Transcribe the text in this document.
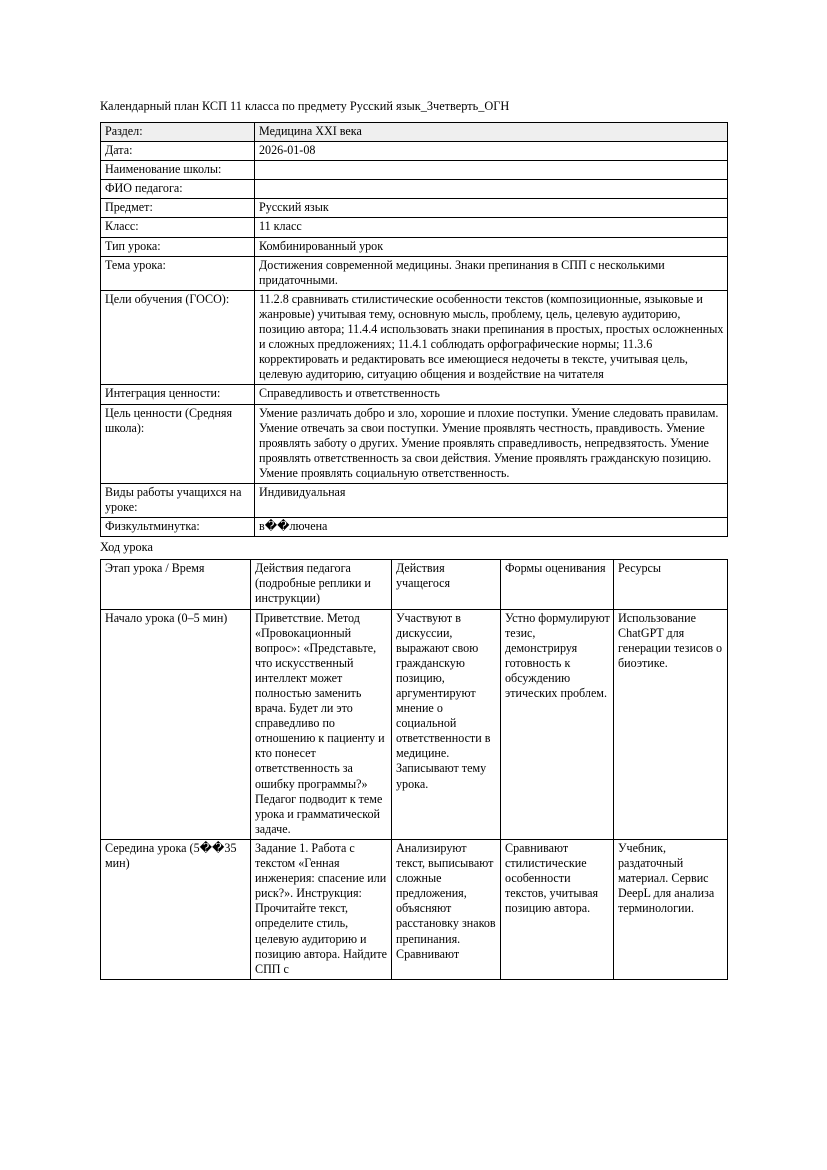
Календарный план КСП 11 класса по предмету Русский язык_3четверть_ОГН
Раздел:	Медицина XXI века
Дата:	2026-01-08
Наименование школы:	
ФИО педагога:	
Предмет:	Русский язык
Класс:	11 класс
Тип урока:	Комбинированный урок
Тема урока:	Достижения современной медицины. Знаки препинания в СПП с несколькими придаточными.
Цели обучения (ГОСО):	11.2.8 сравнивать стилистические особенности текстов (композиционные, языковые и жанровые) учитывая тему, основную мысль, проблему, цель, целевую аудиторию, позицию автора; 11.4.4 использовать знаки препинания в простых, простых осложненных и сложных предложениях; 11.4.1 соблюдать орфографические нормы; 11.3.6 корректировать и редактировать все имеющиеся недочеты в тексте, учитывая цель, целевую аудиторию, ситуацию общения и воздействие на читателя
Интеграция ценности:	Справедливость и ответственность
Цель ценности (Средняя школа):	Умение различать добро и зло, хорошие и плохие поступки. Умение следовать правилам. Умение отвечать за свои поступки. Умение проявлять честность, правдивость. Умение проявлять заботу о других. Умение проявлять справедливость, непредвзятость. Умение проявлять ответственность за свои действия. Умение проявлять гражданскую позицию. Умение проявлять социальную ответственность.
Виды работы учащихся на уроке:	Индивидуальная
Физкультминутка:	в��лючена
Ход урока
Этап урока / Время	Действия педагога (подробные реплики и инструкции)	Действия учащегося	Формы оценивания	Ресурсы
Начало урока (0–5 мин)	Приветствие. Метод «Провокационный вопрос»: «Представьте, что искусственный интеллект может полностью заменить врача. Будет ли это справедливо по отношению к пациенту и кто понесет ответственность за ошибку программы?» Педагог подводит к теме урока и грамматической задаче.	Участвуют в дискуссии, выражают свою гражданскую позицию, аргументируют мнение о социальной ответственности в медицине. Записывают тему урока.	Устно формулируют тезис, демонстрируя готовность к обсуждению этических проблем.	Использование ChatGPT для генерации тезисов о биоэтике.
Середина урока (5��35 мин)	Задание 1. Работа с текстом «Генная инженерия: спасение или риск?». Инструкция: Прочитайте текст, определите стиль, целевую аудиторию и позицию автора. Найдите СПП с	Анализируют текст, выписывают сложные предложения, объясняют расстановку знаков препинания. Сравнивают	Сравнивают стилистические особенности текстов, учитывая позицию автора.	Учебник, раздаточный материал. Сервис DeepL для анализа терминологии.
